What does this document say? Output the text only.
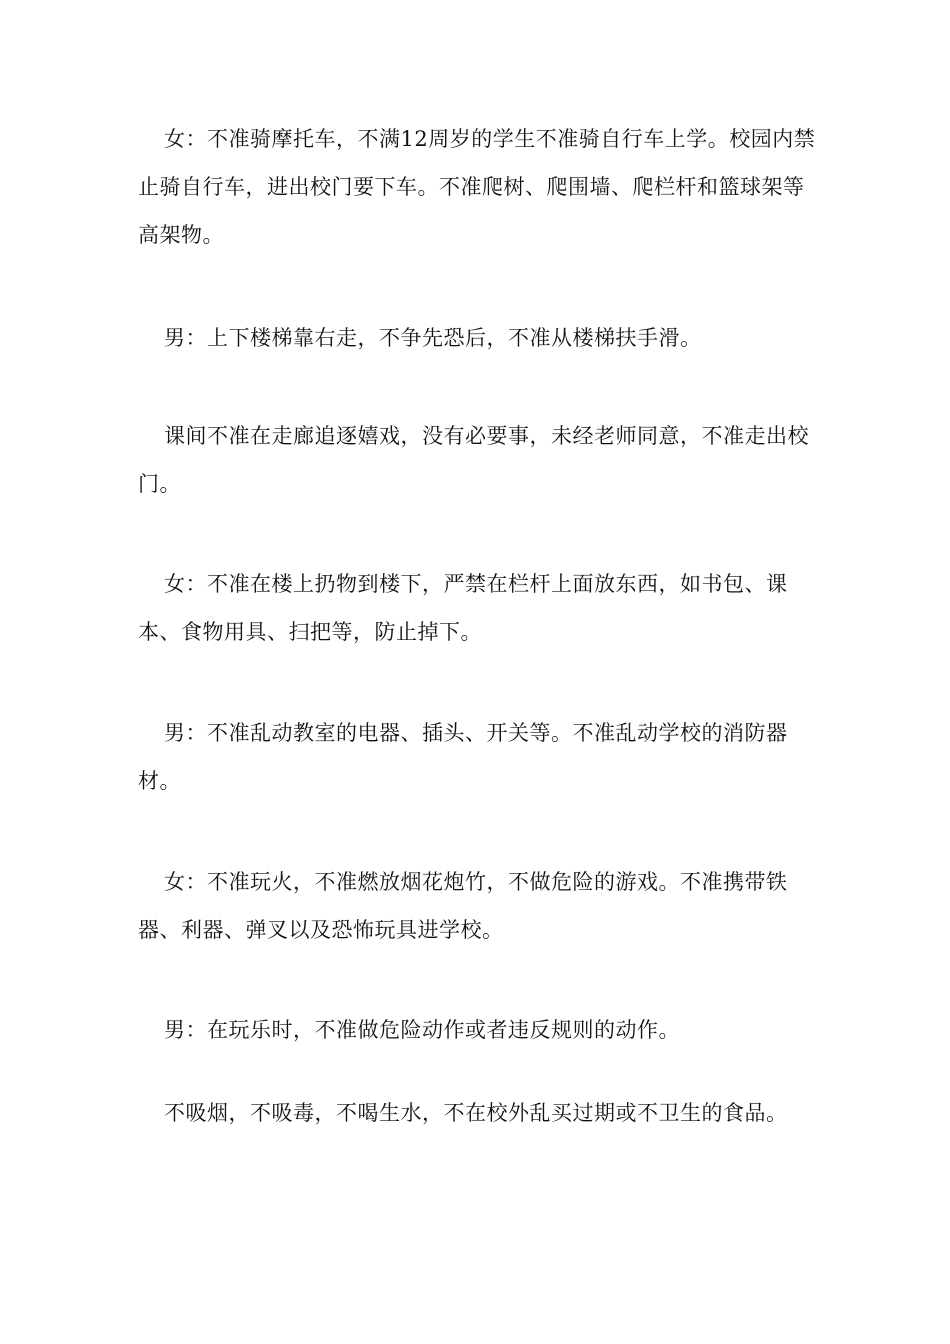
女：不准骑摩托车，不满12周岁的学生不准骑自行车上学。校园内禁止骑自行车，进出校门要下车。不准爬树、爬围墙、爬栏杆和篮球架等高架物。

男：上下楼梯靠右走，不争先恐后，不准从楼梯扶手滑。

课间不准在走廊追逐嬉戏，没有必要事，未经老师同意，不准走出校门。

女：不准在楼上扔物到楼下，严禁在栏杆上面放东西，如书包、课本、食物用具、扫把等，防止掉下。

男：不准乱动教室的电器、插头、开关等。不准乱动学校的消防器材。

女：不准玩火，不准燃放烟花炮竹，不做危险的游戏。不准携带铁器、利器、弹叉以及恐怖玩具进学校。

男：在玩乐时，不准做危险动作或者违反规则的动作。

不吸烟，不吸毒，不喝生水，不在校外乱买过期或不卫生的食品。
